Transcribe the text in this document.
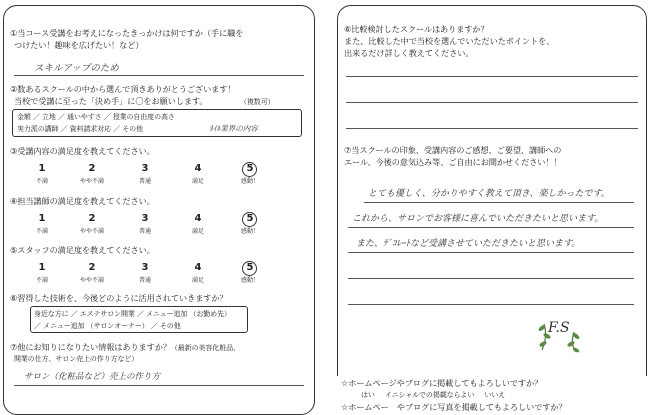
①当コース受講をお考えになったきっかけは何ですか（手に職を
つけたい！趣味を広げたい！など）
スキルアップのため
②数あるスクールの中から選んで頂きありがとうございます！
当校で受講に至った「決め手」に〇をお願いします。	（複数可）
金額 ／ 立地 ／ 通いやすさ ／ 授業の自由度の高さ
実力派の講師 ／ 資料請求対応 ／ その他	ﾈｲﾙ業界の内容
③受講内容の満足度を教えてください。
1	2	3	4	5
不満	やや不満	普通	満足	感動！
④担当講師の満足度を教えてください。
1	2	3	4	5
不満	やや不満	普通	満足	感動！
⑤スタッフの満足度を教えてください。
1	2	3	4	5
不満	やや不満	普通	満足	感動！
⑥習得した技術を、今後どのように活用されていきますか？
身近な方に ／ エステサロン開業 ／ メニュー追加 （お勤め先）
／ メニュー追加 （サロンオーナー） ／ その他
⑦他にお知りになりたい情報はありますか？（最新の美容化粧品、
開業の仕方、サロン売上の作り方など）
サロン（化粧品など）売上の作り方
⑥比較検討したスクールはありますか？
また、比較した中で当校を選んでいただいたポイントを、
出来るだけ詳しく教えてください。
⑦当スクールの印象、受講内容のご感想、ご要望、講師への
エール、今後の意気込み等、ご自由にお聞かせください！！
とても優しく、分かりやすく教えて頂き、楽しかったです。
これから、サロンでお客様に喜んでいただきたいと思います。
また、ﾃﾞｺﾚｰﾄなど受講させていただきたいと思います。
F.S
☆ホームページやブログに掲載してもよろしいですか？
はい イニシャルでの掲載ならよい いいえ
☆ホームペー　やブログに写真を掲載してもよろしいですか？
